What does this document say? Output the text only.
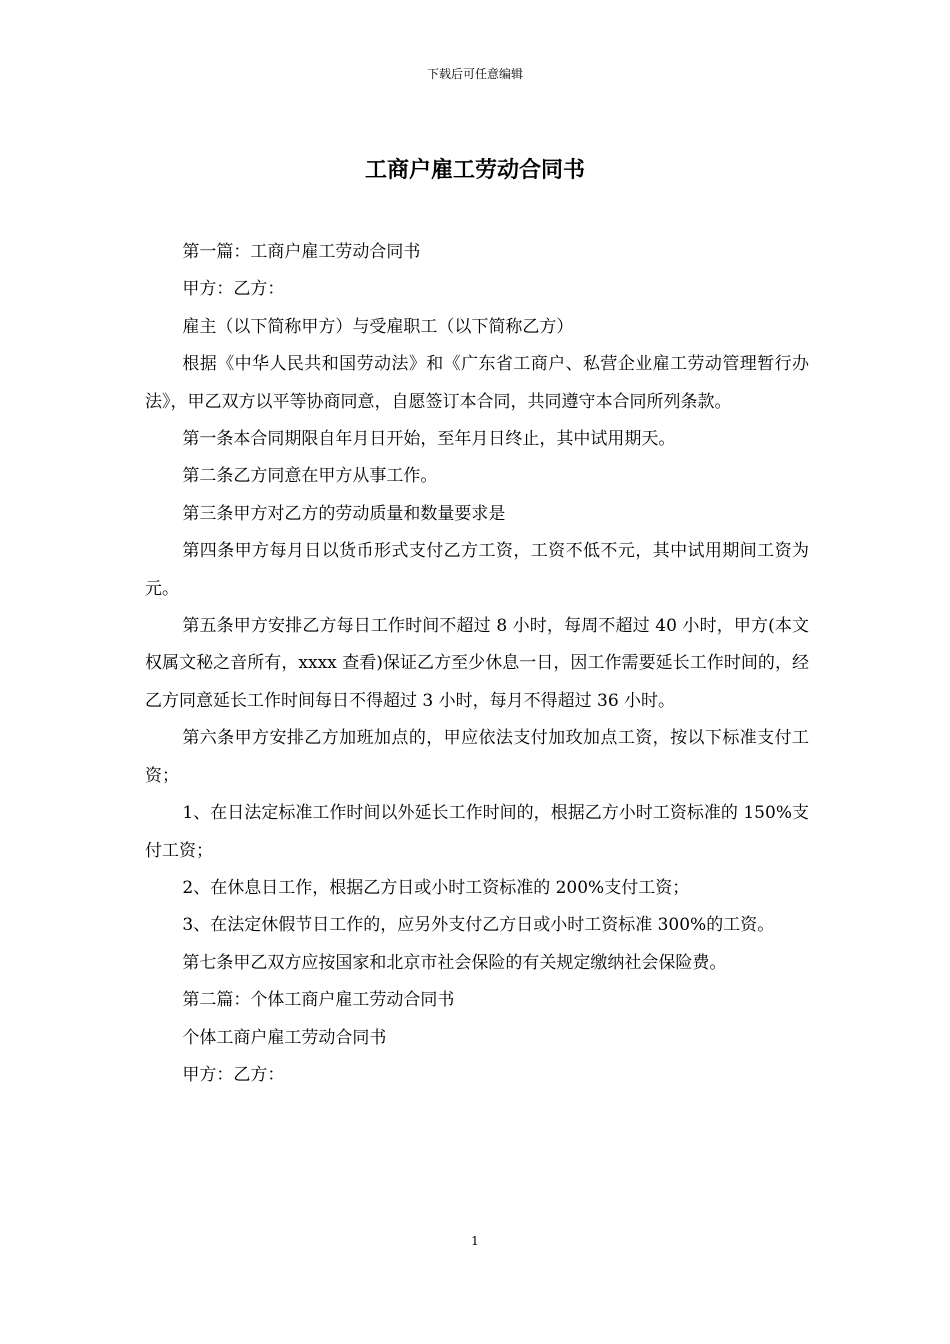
下载后可任意编辑
工商户雇工劳动合同书

第一篇：工商户雇工劳动合同书

甲方：乙方：

雇主（以下简称甲方）与受雇职工（以下简称乙方）

根据《中华人民共和国劳动法》和《广东省工商户、私营企业雇工劳动管理暂行办法》，甲乙双方以平等协商同意，自愿签订本合同，共同遵守本合同所列条款。

第一条本合同期限自年月日开始，至年月日终止，其中试用期天。

第二条乙方同意在甲方从事工作。

第三条甲方对乙方的劳动质量和数量要求是

第四条甲方每月日以货币形式支付乙方工资，工资不低不元，其中试用期间工资为元。

第五条甲方安排乙方每日工作时间不超过 8 小时，每周不超过 40 小时，甲方(本文权属文秘之音所有，xxxx 查看)保证乙方至少休息一日，因工作需要延长工作时间的，经乙方同意延长工作时间每日不得超过 3 小时，每月不得超过 36 小时。

第六条甲方安排乙方加班加点的，甲应依法支付加玫加点工资，按以下标准支付工资；

1、在日法定标准工作时间以外延长工作时间的，根据乙方小时工资标准的 150%支付工资；

2、在休息日工作，根据乙方日或小时工资标准的 200%支付工资；

3、在法定休假节日工作的，应另外支付乙方日或小时工资标准 300%的工资。

第七条甲乙双方应按国家和北京市社会保险的有关规定缴纳社会保险费。

第二篇：个体工商户雇工劳动合同书

个体工商户雇工劳动合同书

甲方：乙方：

1
